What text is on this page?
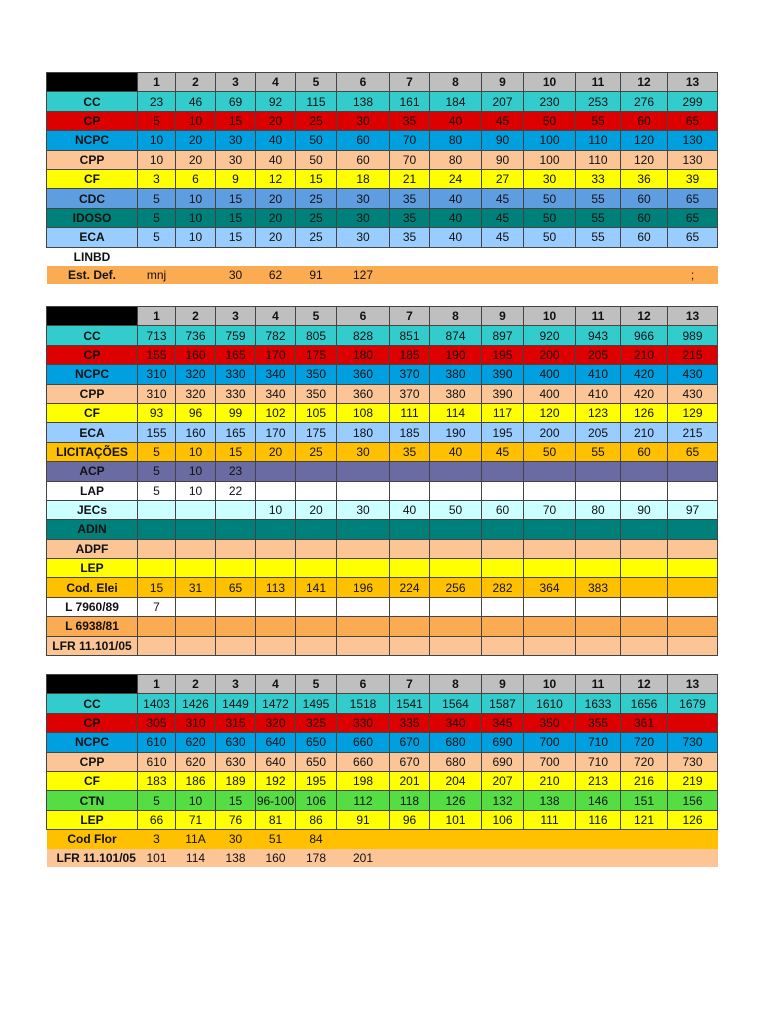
	1	2	3	4	5	6	7	8	9	10	11	12	13
CC	23	46	69	92	115	138	161	184	207	230	253	276	299
CP	5	10	15	20	25	30	35	40	45	50	55	60	65
NCPC	10	20	30	40	50	60	70	80	90	100	110	120	130
CPP	10	20	30	40	50	60	70	80	90	100	110	120	130
CF	3	6	9	12	15	18	21	24	27	30	33	36	39
CDC	5	10	15	20	25	30	35	40	45	50	55	60	65
IDOSO	5	10	15	20	25	30	35	40	45	50	55	60	65
ECA	5	10	15	20	25	30	35	40	45	50	55	60	65
LINBD													
Est. Def.	mnj		30	62	91	127							;
	1	2	3	4	5	6	7	8	9	10	11	12	13
CC	713	736	759	782	805	828	851	874	897	920	943	966	989
CP	155	160	165	170	175	180	185	190	195	200	205	210	215
NCPC	310	320	330	340	350	360	370	380	390	400	410	420	430
CPP	310	320	330	340	350	360	370	380	390	400	410	420	430
CF	93	96	99	102	105	108	111	114	117	120	123	126	129
ECA	155	160	165	170	175	180	185	190	195	200	205	210	215
LICITAÇÕES	5	10	15	20	25	30	35	40	45	50	55	60	65
ACP	5	10	23										
LAP	5	10	22										
JECs				10	20	30	40	50	60	70	80	90	97
ADIN													
ADPF													
LEP													
Cod. Elei	15	31	65	113	141	196	224	256	282	364	383		
L 7960/89	7												
L 6938/81													
LFR 11.101/05													
	1	2	3	4	5	6	7	8	9	10	11	12	13
CC	1403	1426	1449	1472	1495	1518	1541	1564	1587	1610	1633	1656	1679
CP	305	310	315	320	325	330	335	340	345	350	355	361	
NCPC	610	620	630	640	650	660	670	680	690	700	710	720	730
CPP	610	620	630	640	650	660	670	680	690	700	710	720	730
CF	183	186	189	192	195	198	201	204	207	210	213	216	219
CTN	5	10	15	96-100	106	112	118	126	132	138	146	151	156
LEP	66	71	76	81	86	91	96	101	106	111	116	121	126
Cod Flor	3	11A	30	51	84								
LFR 11.101/05	101	114	138	160	178	201							
